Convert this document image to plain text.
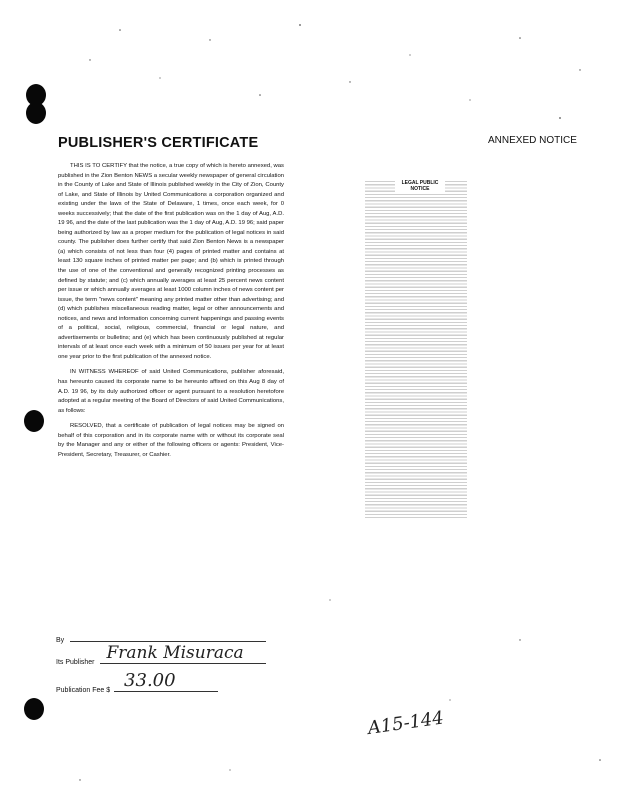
PUBLISHER'S CERTIFICATE	ANNEXED NOTICE

THIS IS TO CERTIFY that the notice, a true copy of which is hereto annexed, was published in the Zion Benton NEWS a secular weekly newspaper of general circulation in the County of Lake and State of Illinois published weekly in the City of Zion, County of Lake, and State of Illinois by United Communications a corporation organized and existing under the laws of the State of Delaware, 1 times, once each week, for 0 weeks successively; that the date of the first publication was on the 1 day of Aug, A.D. 19 96, and the date of the last publication was the 1 day of Aug, A.D. 19 96; said paper being authorized by law as a proper medium for the publication of legal notices in said county. The publisher does further certify that said Zion Benton News is a newspaper (a) which consists of not less than four (4) pages of printed matter and contains at least 130 square inches of printed matter per page; and (b) which is printed through the use of one of the conventional and generally recognized printing processes as defined by statute; and (c) which annually averages at least 25 percent news content per issue or which annually averages at least 1000 column inches of news content per issue, the term "news content" meaning any printed matter other than advertising; and (d) which publishes miscellaneous reading matter, legal or other announcements and notices, and news and information concerning current happenings and passing events of a political, social, religious, commercial, financial or legal nature, and advertisements or bulletins; and (e) which has been continuously published at regular intervals of at least once each week with a minimum of 50 issues per year for at least one year prior to the first publication of the annexed notice.

IN WITNESS WHEREOF of said United Communications, publisher aforesaid, has hereunto caused its corporate name to be hereunto affixed on this Aug 8 day of A.D. 19 96, by its duly authorized officer or agent pursuant to a resolution heretofore adopted at a regular meeting of the Board of Directors of said United Communications, as follows:

RESOLVED, that a certificate of publication of legal notices may be signed on behalf of this corporation and in its corporate name with or without its corporate seal by the Manager and any or either of the following officers or agents: President, Vice-President, Secretary, Treasurer, or Cashier.

By
Its Publisher Frank Misuraca
Publication Fee $ 33.00
LEGAL PUBLIC NOTICE
A15-144
